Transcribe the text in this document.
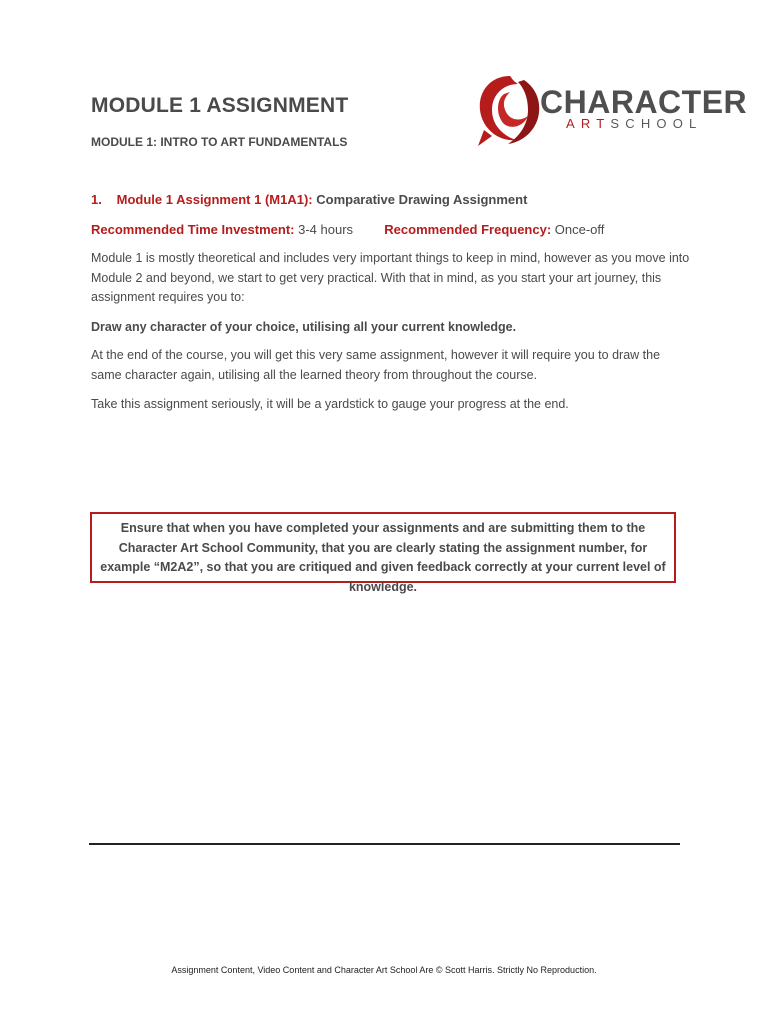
MODULE 1 ASSIGNMENT
MODULE 1: INTRO TO ART FUNDAMENTALS
CHARACTER
ARTSCHOOL
1. Module 1 Assignment 1 (M1A1): Comparative Drawing Assignment
Recommended Time Investment: 3-4 hours Recommended Frequency: Once-off
Module 1 is mostly theoretical and includes very important things to keep in mind, however as you move into Module 2 and beyond, we start to get very practical. With that in mind, as you start your art journey, this assignment requires you to:
Draw any character of your choice, utilising all your current knowledge.
At the end of the course, you will get this very same assignment, however it will require you to draw the same character again, utilising all the learned theory from throughout the course.
Take this assignment seriously, it will be a yardstick to gauge your progress at the end.
Ensure that when you have completed your assignments and are submitting them to the Character Art School Community, that you are clearly stating the assignment number, for example “M2A2”, so that you are critiqued and given feedback correctly at your current level of knowledge.
Assignment Content, Video Content and Character Art School Are © Scott Harris. Strictly No Reproduction.
